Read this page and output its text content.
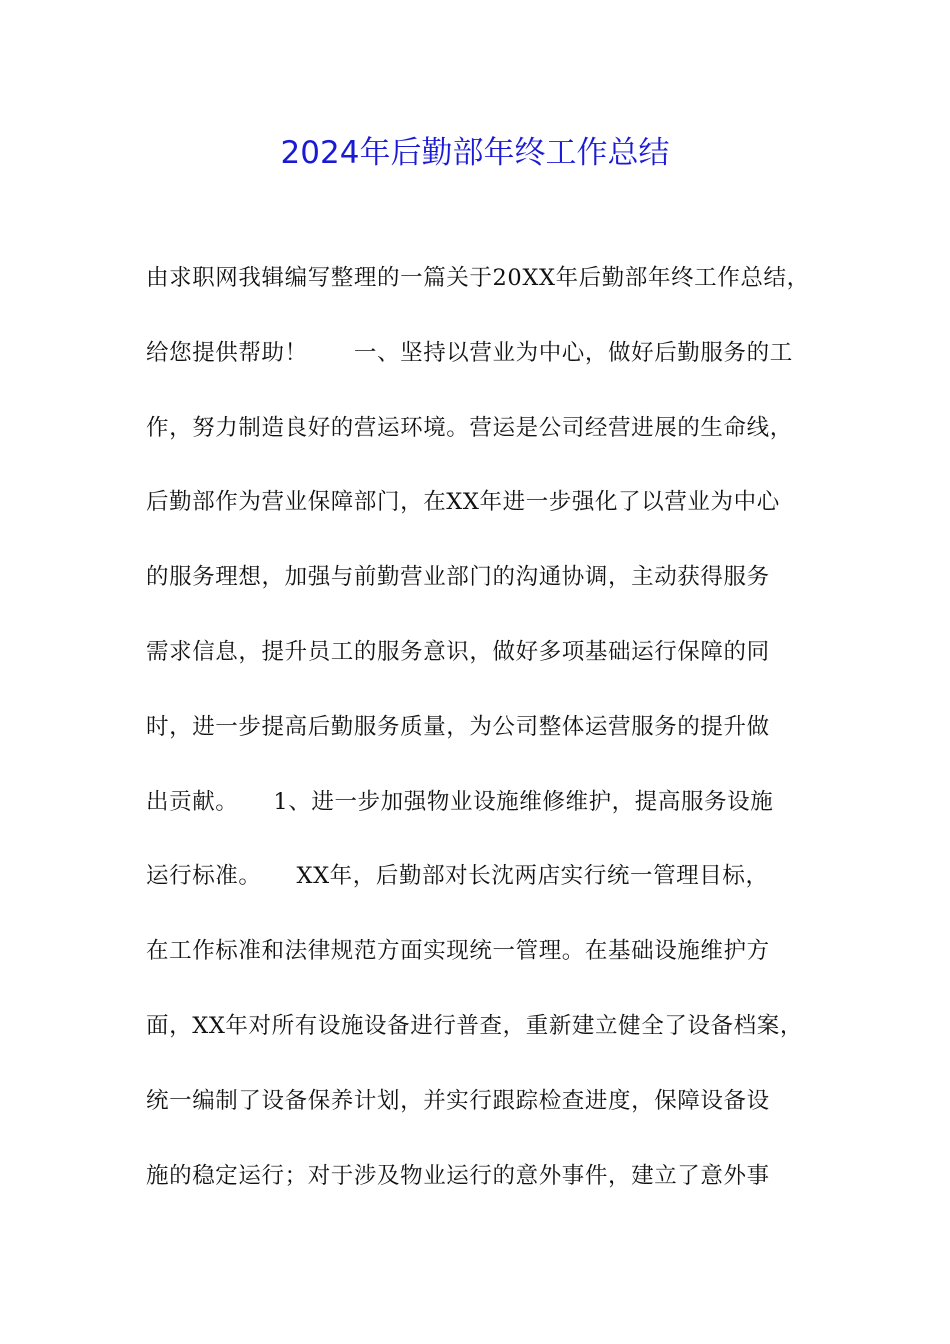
2024年后勤部年终工作总结
由求职网我辑编写整理的一篇关于20XX年后勤部年终工作总结，
给您提供帮助！　　一、坚持以营业为中心，做好后勤服务的工
作，努力制造良好的营运环境。营运是公司经营进展的生命线，
后勤部作为营业保障部门，在XX年进一步强化了以营业为中心
的服务理想，加强与前勤营业部门的沟通协调，主动获得服务
需求信息，提升员工的服务意识，做好多项基础运行保障的同
时，进一步提高后勤服务质量，为公司整体运营服务的提升做
出贡献。　　1、进一步加强物业设施维修维护，提高服务设施
运行标准。　　XX年，后勤部对长沈两店实行统一管理目标，
在工作标准和法律规范方面实现统一管理。在基础设施维护方
面，XX年对所有设施设备进行普查，重新建立健全了设备档案，
统一编制了设备保养计划，并实行跟踪检查进度，保障设备设
施的稳定运行；对于涉及物业运行的意外事件，建立了意外事
